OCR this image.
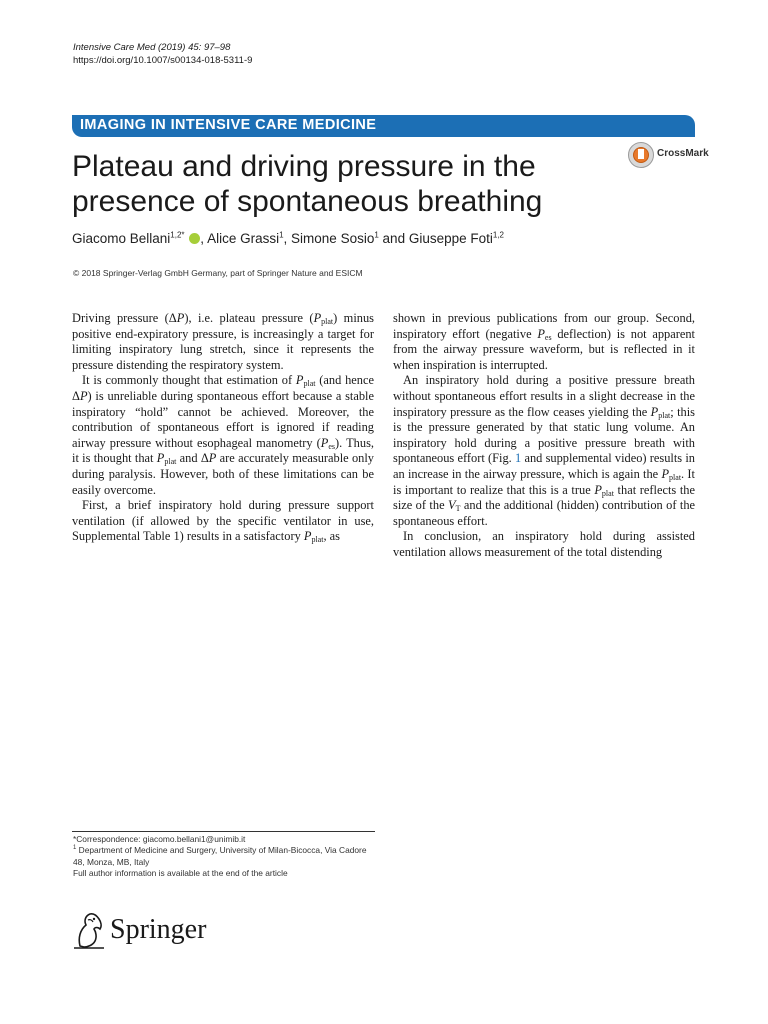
Intensive Care Med (2019) 45: 97–98
https://doi.org/10.1007/s00134-018-5311-9
IMAGING IN INTENSIVE CARE MEDICINE
CrossMark
Plateau and driving pressure in the presence of spontaneous breathing
Giacomo Bellani$^{1,2*}$ , Alice Grassi$^1$, Simone Sosio$^1$ and Giuseppe Foti$^{1,2}$
© 2018 Springer-Verlag GmbH Germany, part of Springer Nature and ESICM

Driving pressure (ΔP), i.e. plateau pressure $(P_{plat})$ minus positive end-expiratory pressure, is increasingly a target for limiting inspiratory lung stretch, since it represents the pressure distending the respiratory system.

It is commonly thought that estimation of $P_{plat}$ (and hence ΔP) is unreliable during spontaneous effort because a stable inspiratory “hold” cannot be achieved. Moreover, the contribution of spontaneous effort is ignored if reading airway pressure without esophageal manometry $(P_{es})$. Thus, it is thought that $P_{plat}$ and ΔP are accurately measurable only during paralysis. However, both of these limitations can be easily overcome.

First, a brief inspiratory hold during pressure support ventilation (if allowed by the specific ventilator in use, Supplemental Table 1) results in a satisfactory $P_{plat}$, as

shown in previous publications from our group. Second, inspiratory effort (negative $P_{es}$ deflection) is not apparent from the airway pressure waveform, but is reflected in it when inspiration is interrupted.

An inspiratory hold during a positive pressure breath without spontaneous effort results in a slight decrease in the inspiratory pressure as the flow ceases yielding the $P_{plat}$; this is the pressure generated by that static lung volume. An inspiratory hold during a positive pressure breath with spontaneous effort (Fig. 1 and supplemental video) results in an increase in the airway pressure, which is again the $P_{plat}$. It is important to realize that this is a true $P_{plat}$ that reflects the size of the $V_T$ and the additional (hidden) contribution of the spontaneous effort.

In conclusion, an inspiratory hold during assisted ventilation allows measurement of the total distending

*Correspondence: giacomo.bellani1@unimib.it
$^1$ Department of Medicine and Surgery, University of Milan-Bicocca, Via Cadore 48, Monza, MB, Italy
Full author information is available at the end of the article
Springer
